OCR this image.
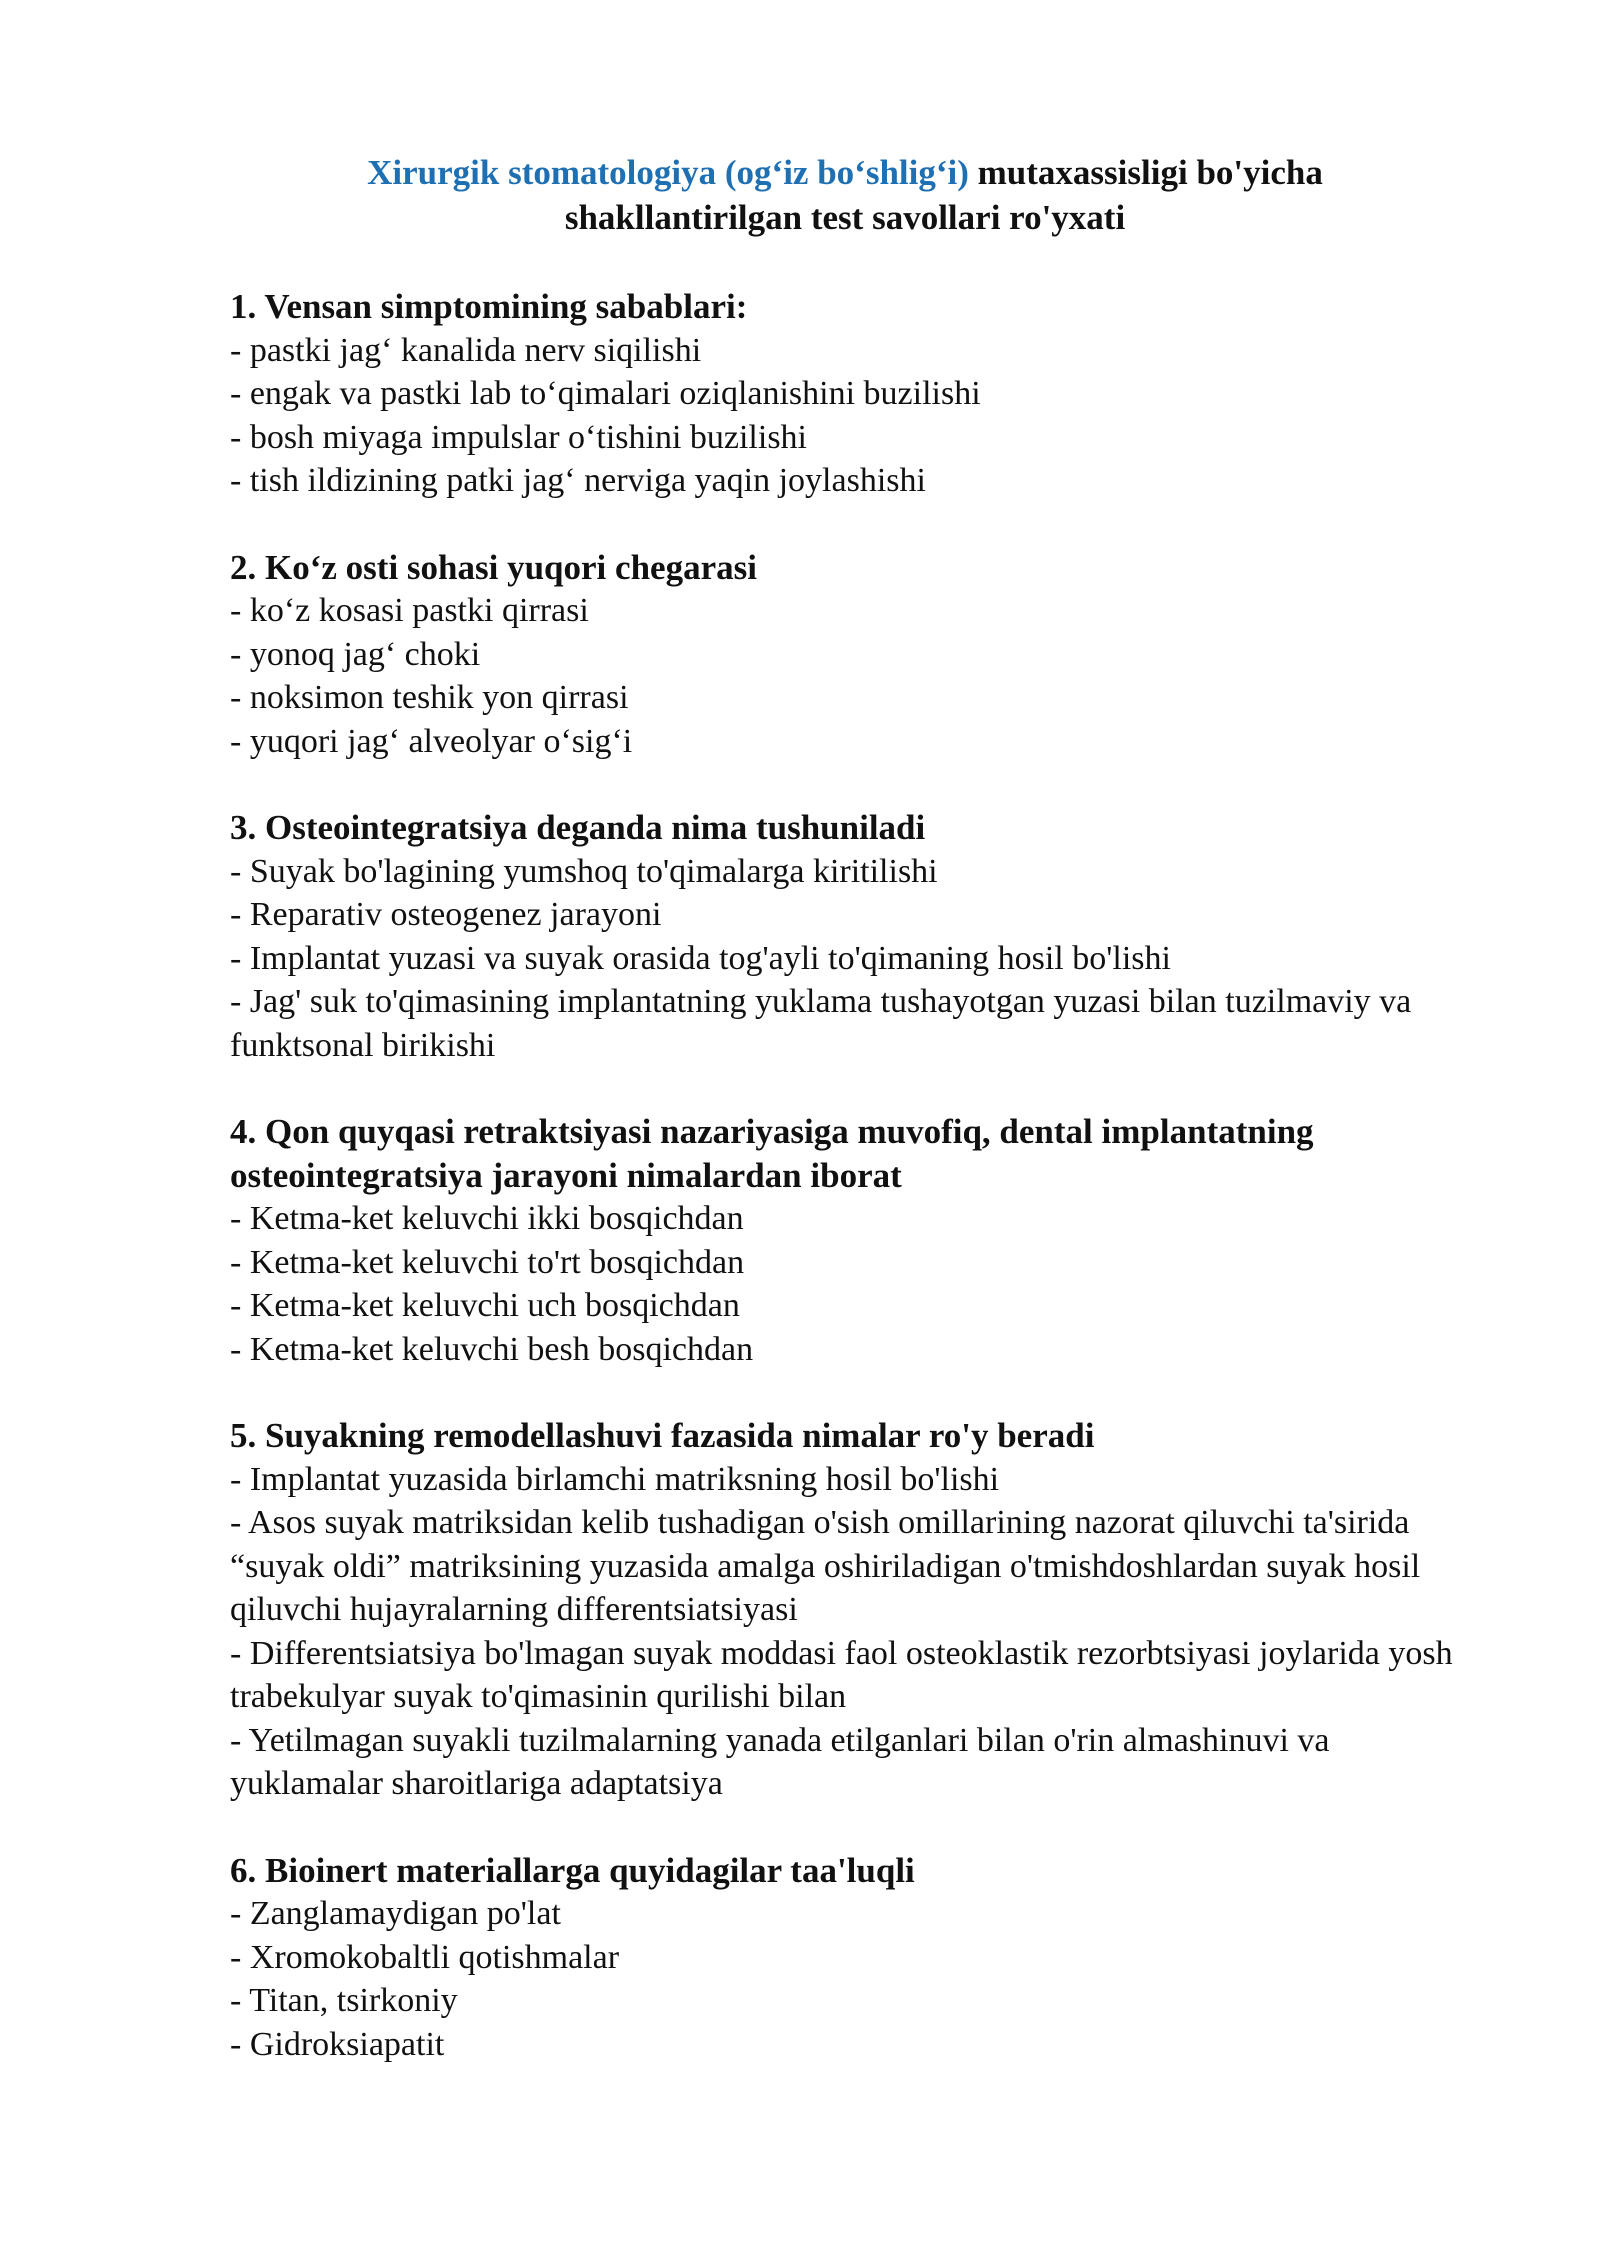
Xirurgik stomatologiya (og‘iz bo‘shlig‘i) mutaxassisligi bo'yicha
shakllantirilgan test savollari ro'yxati
1. Vensan simptomining sabablari:
- pastki jag‘ kanalida nerv siqilishi
- engak va pastki lab to‘qimalari oziqlanishini buzilishi
- bosh miyaga impulslar o‘tishini buzilishi
- tish ildizining patki jag‘ nerviga yaqin joylashishi
2. Ko‘z osti sohasi yuqori chegarasi
- ko‘z kosasi pastki qirrasi
- yonoq jag‘ choki
- noksimon teshik yon qirrasi
- yuqori jag‘ alveolyar o‘sig‘i
3. Osteointegratsiya deganda nima tushuniladi
- Suyak bo'lagining yumshoq to'qimalarga kiritilishi
- Reparativ osteogenez jarayoni
- Implantat yuzasi va suyak orasida tog'ayli to'qimaning hosil bo'lishi
- Jag' suk to'qimasining implantatning yuklama tushayotgan yuzasi bilan tuzilmaviy va funktsonal birikishi
4. Qon quyqasi retraktsiyasi nazariyasiga muvofiq, dental implantatning osteointegratsiya jarayoni nimalardan iborat
- Ketma-ket keluvchi ikki bosqichdan
- Ketma-ket keluvchi to'rt bosqichdan
- Ketma-ket keluvchi uch bosqichdan
- Ketma-ket keluvchi besh bosqichdan
5. Suyakning remodellashuvi fazasida nimalar ro'y beradi
- Implantat yuzasida birlamchi matriksning hosil bo'lishi
- Asos suyak matriksidan kelib tushadigan o'sish omillarining nazorat qiluvchi ta'sirida “suyak oldi” matriksining yuzasida amalga oshiriladigan o'tmishdoshlardan suyak hosil qiluvchi hujayralarning differentsiatsiyasi
- Differentsiatsiya bo'lmagan suyak moddasi faol osteoklastik rezorbtsiyasi joylarida yosh trabekulyar suyak to'qimasinin qurilishi bilan
- Yetilmagan suyakli tuzilmalarning yanada etilganlari bilan o'rin almashinuvi va yuklamalar sharoitlariga adaptatsiya
6. Bioinert materiallarga quyidagilar taa'luqli
- Zanglamaydigan po'lat
- Xromokobaltli qotishmalar
- Titan, tsirkoniy
- Gidroksiapatit
